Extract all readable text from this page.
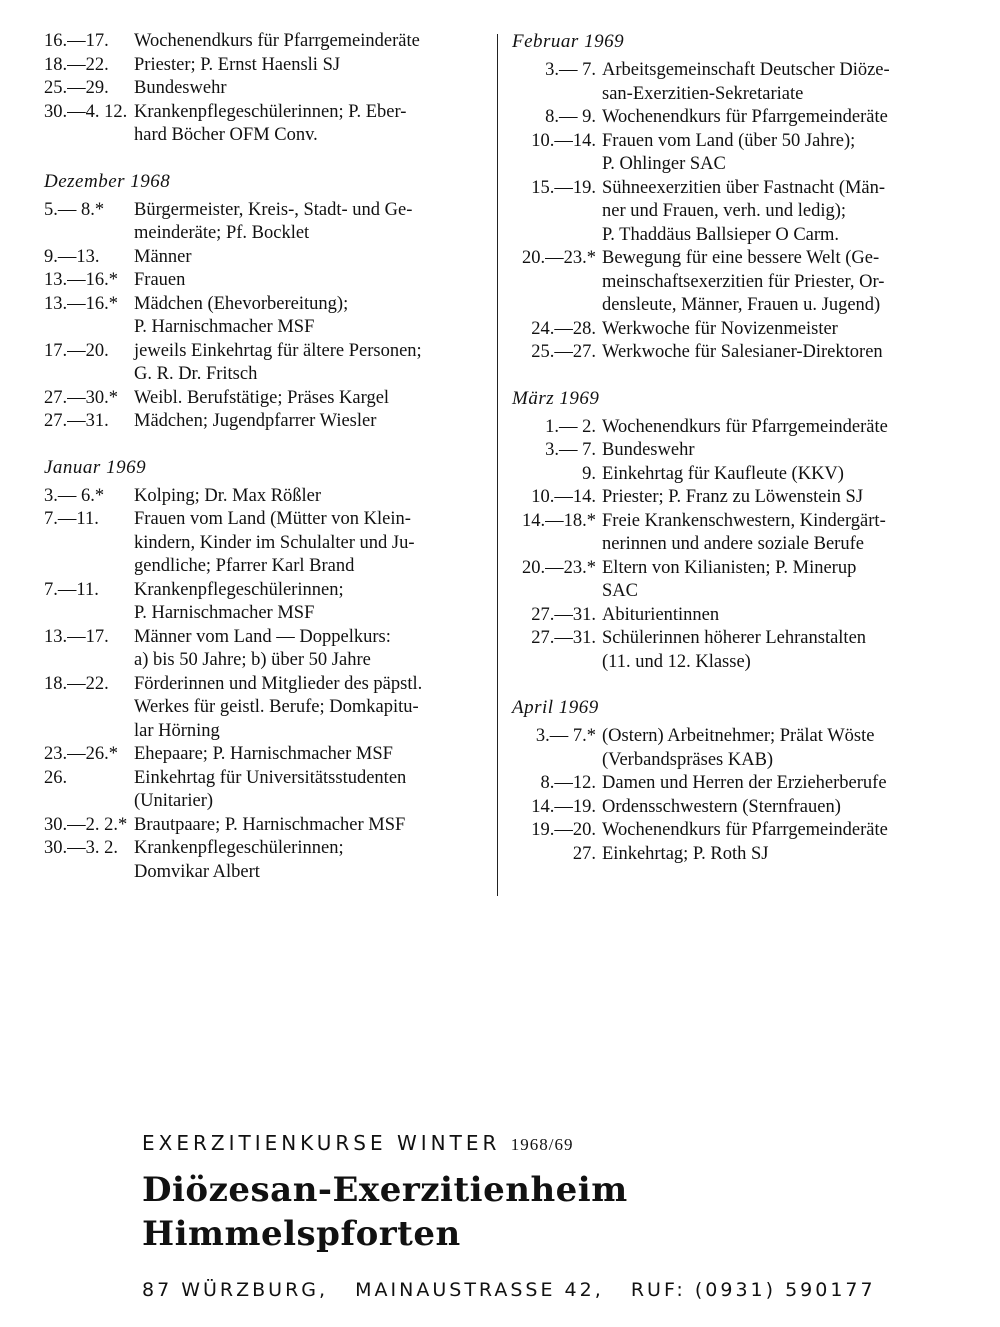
16.—17.	Wochenendkurs für Pfarrgemeinderäte
18.—22.	Priester; P. Ernst Haensli SJ
25.—29.	Bundeswehr
30.—4. 12. Krankenpflegeschülerinnen; P. Eber-
hard Böcher OFM Conv.
Dezember 1968
5.— 8.*	Bürgermeister, Kreis-, Stadt- und Ge-
meinderäte; Pf. Bocklet
9.—13.	Männer
13.—16.* Frauen
13.—16.* Mädchen (Ehevorbereitung);
P. Harnischmacher MSF
17.—20.	jeweils Einkehrtag für ältere Personen;
G. R. Dr. Fritsch
27.—30.* Weibl. Berufstätige; Präses Kargel
27.—31.	Mädchen; Jugendpfarrer Wiesler
Januar 1969
3.— 6.*	Kolping; Dr. Max Rößler
7.—11.	Frauen vom Land (Mütter von Klein-
kindern, Kinder im Schulalter und Ju-
gendliche; Pfarrer Karl Brand
7.—11.	Krankenpflegeschülerinnen;
P. Harnischmacher MSF
13.—17.	Männer vom Land — Doppelkurs:
a) bis 50 Jahre; b) über 50 Jahre
18.—22.	Förderinnen und Mitglieder des päpstl.
Werkes für geistl. Berufe; Domkapitu-
lar Hörning
23.—26.* Ehepaare; P. Harnischmacher MSF
26.	Einkehrtag für Universitätsstudenten
(Unitarier)
30.—2. 2.* Brautpaare; P. Harnischmacher MSF
30.—3. 2. Krankenpflegeschülerinnen;
Domvikar Albert
Februar 1969
3.— 7. Arbeitsgemeinschaft Deutscher Diöze-
san-Exerzitien-Sekretariate
8.— 9. Wochenendkurs für Pfarrgemeinderäte
10.—14. Frauen vom Land (über 50 Jahre);
P. Ohlinger SAC
15.—19. Sühneexerzitien über Fastnacht (Män-
ner und Frauen, verh. und ledig);
P. Thaddäus Ballsieper O Carm.
20.—23.* Bewegung für eine bessere Welt (Ge-
meinschaftsexerzitien für Priester, Or-
densleute, Männer, Frauen u. Jugend)
24.—28. Werkwoche für Novizenmeister
25.—27. Werkwoche für Salesianer-Direktoren
März 1969
1.— 2. Wochenendkurs für Pfarrgemeinderäte
3.— 7. Bundeswehr
9. Einkehrtag für Kaufleute (KKV)
10.—14. Priester; P. Franz zu Löwenstein SJ
14.—18.* Freie Krankenschwestern, Kindergärt-
nerinnen und andere soziale Berufe
20.—23.* Eltern von Kilianisten; P. Minerup
SAC
27.—31. Abiturientinnen
27.—31. Schülerinnen höherer Lehranstalten
(11. und 12. Klasse)
April 1969
3.— 7.* (Ostern) Arbeitnehmer; Prälat Wöste
(Verbandspräses KAB)
8.—12. Damen und Herren der Erzieherberufe
14.—19. Ordensschwestern (Sternfrauen)
19.—20. Wochenendkurs für Pfarrgemeinderäte
27. Einkehrtag; P. Roth SJ
EXERZITIENKURSE WINTER 1968/69
Diözesan-Exerzitienheim Himmelspforten
87 WÜRZBURG,   MAINAUSTRASSE 42,   RUF: (0931) 590177
